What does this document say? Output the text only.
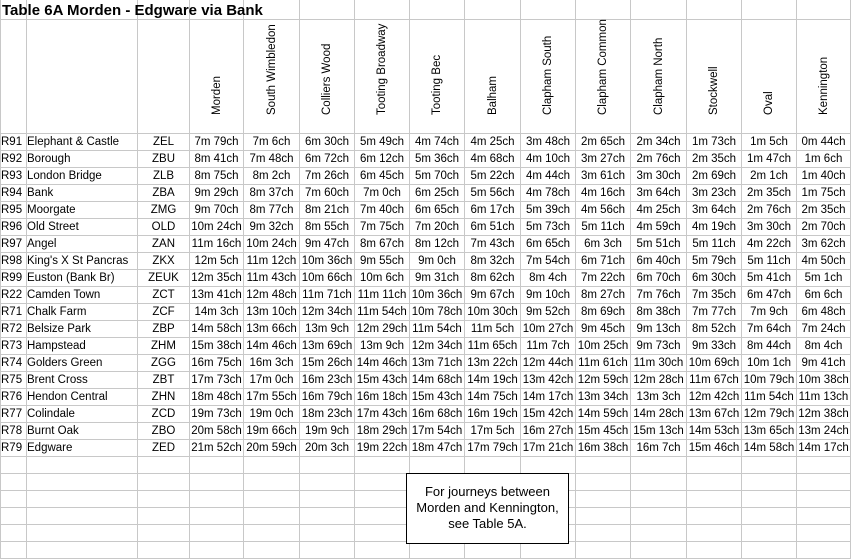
Table 6A Morden - Edgware via Bank

			Morden	South Wimbledon	Colliers Wood	Tooting Broadway	Tooting Bec	Balham	Clapham South	Clapham Common	Clapham North	Stockwell	Oval	Kennington

R91	Elephant & Castle	ZEL	7m 79ch	7m 6ch	6m 30ch	5m 49ch	4m 74ch	4m 25ch	3m 48ch	2m 65ch	2m 34ch	1m 73ch	1m 5ch	0m 44ch
R92	Borough	ZBU	8m 41ch	7m 48ch	6m 72ch	6m 12ch	5m 36ch	4m 68ch	4m 10ch	3m 27ch	2m 76ch	2m 35ch	1m 47ch	1m 6ch
R93	London Bridge	ZLB	8m 75ch	8m 2ch	7m 26ch	6m 45ch	5m 70ch	5m 22ch	4m 44ch	3m 61ch	3m 30ch	2m 69ch	2m 1ch	1m 40ch
R94	Bank	ZBA	9m 29ch	8m 37ch	7m 60ch	7m 0ch	6m 25ch	5m 56ch	4m 78ch	4m 16ch	3m 64ch	3m 23ch	2m 35ch	1m 75ch
R95	Moorgate	ZMG	9m 70ch	8m 77ch	8m 21ch	7m 40ch	6m 65ch	6m 17ch	5m 39ch	4m 56ch	4m 25ch	3m 64ch	2m 76ch	2m 35ch
R96	Old Street	OLD	10m 24ch	9m 32ch	8m 55ch	7m 75ch	7m 20ch	6m 51ch	5m 73ch	5m 11ch	4m 59ch	4m 19ch	3m 30ch	2m 70ch
R97	Angel	ZAN	11m 16ch	10m 24ch	9m 47ch	8m 67ch	8m 12ch	7m 43ch	6m 65ch	6m 3ch	5m 51ch	5m 11ch	4m 22ch	3m 62ch
R98	King's X St Pancras	ZKX	12m 5ch	11m 12ch	10m 36ch	9m 55ch	9m 0ch	8m 32ch	7m 54ch	6m 71ch	6m 40ch	5m 79ch	5m 11ch	4m 50ch
R99	Euston (Bank Br)	ZEUK	12m 35ch	11m 43ch	10m 66ch	10m 6ch	9m 31ch	8m 62ch	8m 4ch	7m 22ch	6m 70ch	6m 30ch	5m 41ch	5m 1ch
R22	Camden Town	ZCT	13m 41ch	12m 48ch	11m 71ch	11m 11ch	10m 36ch	9m 67ch	9m 10ch	8m 27ch	7m 76ch	7m 35ch	6m 47ch	6m 6ch
R71	Chalk Farm	ZCF	14m 3ch	13m 10ch	12m 34ch	11m 54ch	10m 78ch	10m 30ch	9m 52ch	8m 69ch	8m 38ch	7m 77ch	7m 9ch	6m 48ch
R72	Belsize Park	ZBP	14m 58ch	13m 66ch	13m 9ch	12m 29ch	11m 54ch	11m 5ch	10m 27ch	9m 45ch	9m 13ch	8m 52ch	7m 64ch	7m 24ch
R73	Hampstead	ZHM	15m 38ch	14m 46ch	13m 69ch	13m 9ch	12m 34ch	11m 65ch	11m 7ch	10m 25ch	9m 73ch	9m 33ch	8m 44ch	8m 4ch
R74	Golders Green	ZGG	16m 75ch	16m 3ch	15m 26ch	14m 46ch	13m 71ch	13m 22ch	12m 44ch	11m 61ch	11m 30ch	10m 69ch	10m 1ch	9m 41ch
R75	Brent Cross	ZBT	17m 73ch	17m 0ch	16m 23ch	15m 43ch	14m 68ch	14m 19ch	13m 42ch	12m 59ch	12m 28ch	11m 67ch	10m 79ch	10m 38ch
R76	Hendon Central	ZHN	18m 48ch	17m 55ch	16m 79ch	16m 18ch	15m 43ch	14m 75ch	14m 17ch	13m 34ch	13m 3ch	12m 42ch	11m 54ch	11m 13ch
R77	Colindale	ZCD	19m 73ch	19m 0ch	18m 23ch	17m 43ch	16m 68ch	16m 19ch	15m 42ch	14m 59ch	14m 28ch	13m 67ch	12m 79ch	12m 38ch
R78	Burnt Oak	ZBO	20m 58ch	19m 66ch	19m 9ch	18m 29ch	17m 54ch	17m 5ch	16m 27ch	15m 45ch	15m 13ch	14m 53ch	13m 65ch	13m 24ch
R79	Edgware	ZED	21m 52ch	20m 59ch	20m 3ch	19m 22ch	18m 47ch	17m 79ch	17m 21ch	16m 38ch	16m 7ch	15m 46ch	14m 58ch	14m 17ch

For journeys between
Morden and Kennington,
see Table 5A.
